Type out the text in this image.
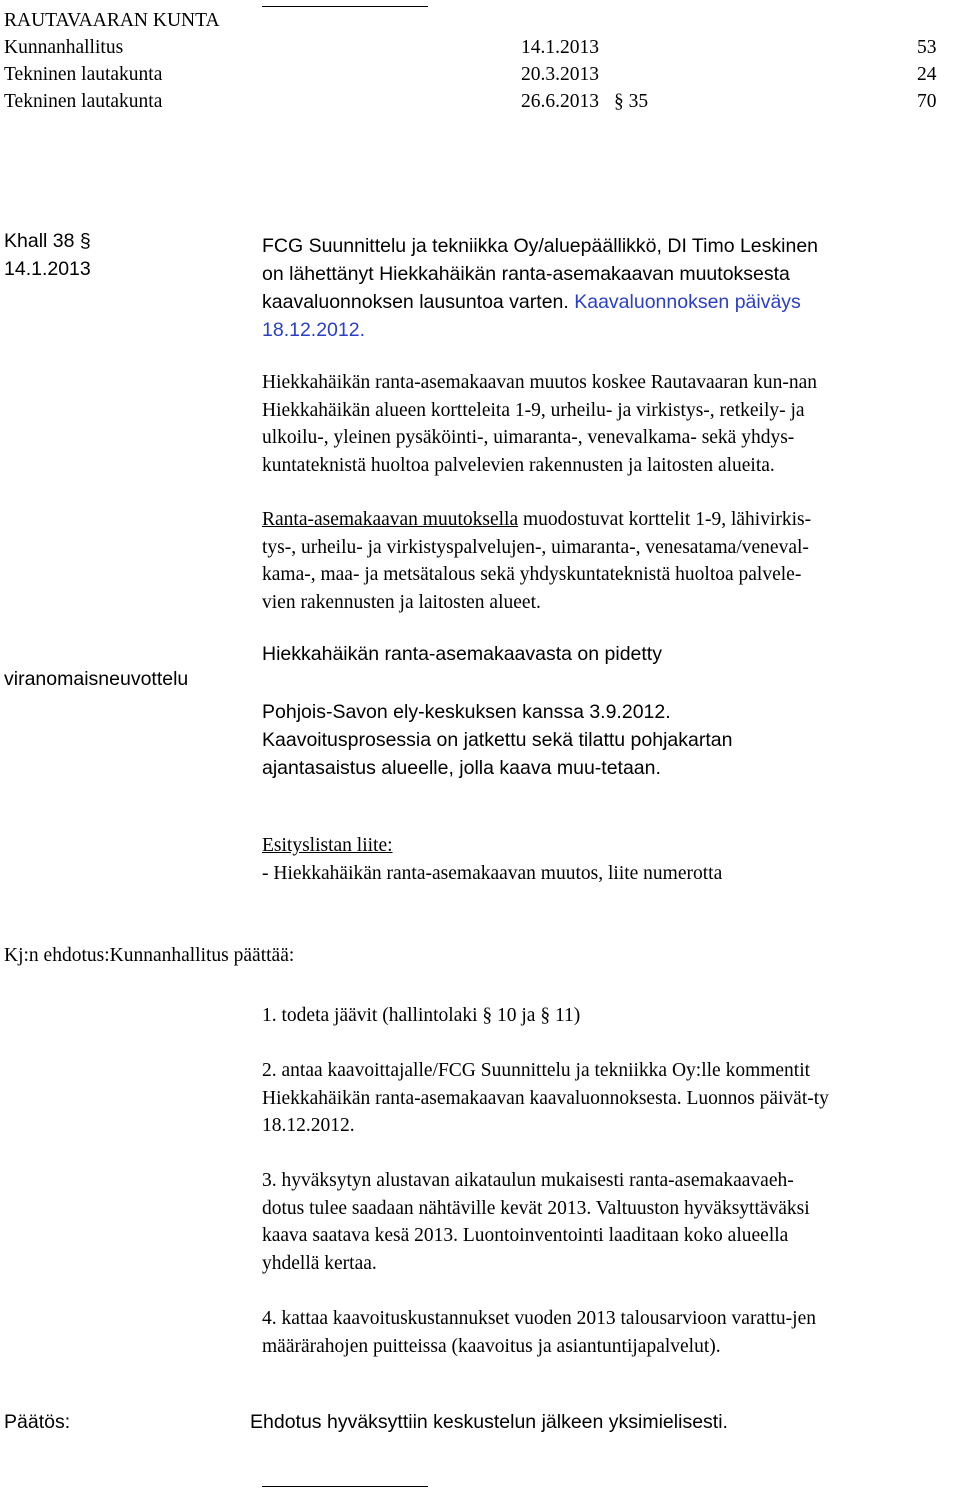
RAUTAVAARAN KUNTA
Kunnanhallitus	14.1.2013	53
Tekninen lautakunta	20.3.2013	24
Tekninen lautakunta	26.6.2013 § 35	70
Khall 38 §
14.1.2013
FCG Suunnittelu ja tekniikka Oy/aluepäällikkö, DI Timo Leskinen
on lähettänyt Hiekkahäikän ranta-asemakaavan muutoksesta
kaavaluonnoksen lausuntoa varten. Kaavaluonnoksen päiväys
18.12.2012.
Hiekkahäikän ranta-asemakaavan muutos koskee Rautavaaran kun-nan
Hiekkahäikän alueen kortteleita 1-9, urheilu- ja virkistys-, retkeily- ja
ulkoilu-, yleinen pysäköinti-, uimaranta-, venevalkama- sekä yhdys-
kuntateknistä huoltoa palvelevien rakennusten ja laitosten alueita.
Ranta-asemakaavan muutoksella muodostuvat korttelit 1-9, lähivirkis-
tys-, urheilu- ja virkistyspalvelujen-, uimaranta-, venesatama/veneval-
kama-, maa- ja metsätalous sekä yhdyskuntateknistä huoltoa palvele-
vien rakennusten ja laitosten alueet.
viranomaisneuvottelu
Hiekkahäikän ranta-asemakaavasta on pidetty
Pohjois-Savon ely-keskuksen kanssa 3.9.2012.
Kaavoitusprosessia on jatkettu sekä tilattu pohjakartan
ajantasaistus alueelle, jolla kaava muu-tetaan.
Esityslistan liite:
- Hiekkahäikän ranta-asemakaavan muutos, liite numerotta
Kj:n ehdotus:Kunnanhallitus päättää:
1. todeta jäävit (hallintolaki § 10 ja § 11)
2. antaa kaavoittajalle/FCG Suunnittelu ja tekniikka Oy:lle kommentit
Hiekkahäikän ranta-asemakaavan kaavaluonnoksesta. Luonnos päivät-ty
18.12.2012.
3. hyväksytyn alustavan aikataulun mukaisesti ranta-asemakaavaeh-
dotus tulee saadaan nähtäville kevät 2013. Valtuuston hyväksyttäväksi
kaava saatava kesä 2013. Luontoinventointi laaditaan koko alueella
yhdellä kertaa.
4. kattaa kaavoituskustannukset vuoden 2013 talousarvioon varattu-jen
määrärahojen puitteissa (kaavoitus ja asiantuntijapalvelut).
Päätös:	Ehdotus hyväksyttiin keskustelun jälkeen yksimielisesti.
